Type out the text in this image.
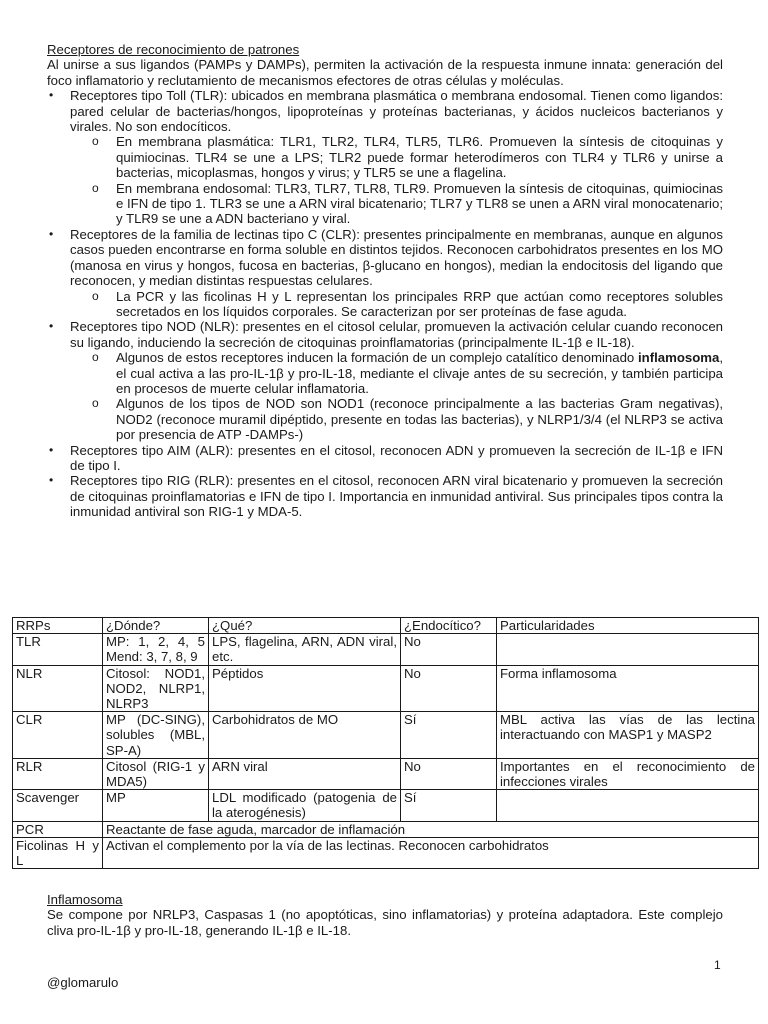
Receptores de reconocimiento de patrones

Al unirse a sus ligandos (PAMPs y DAMPs), permiten la activación de la respuesta inmune innata: generación del foco inflamatorio y reclutamiento de mecanismos efectores de otras células y moléculas.

• Receptores tipo Toll (TLR): ubicados en membrana plasmática o membrana endosomal. Tienen como ligandos: pared celular de bacterias/hongos, lipoproteínas y proteínas bacterianas, y ácidos nucleicos bacterianos y virales. No son endocíticos.
o En membrana plasmática: TLR1, TLR2, TLR4, TLR5, TLR6. Promueven la síntesis de citoquinas y quimiocinas. TLR4 se une a LPS; TLR2 puede formar heterodímeros con TLR4 y TLR6 y unirse a bacterias, micoplasmas, hongos y virus; y TLR5 se une a flagelina.
o En membrana endosomal: TLR3, TLR7, TLR8, TLR9. Promueven la síntesis de citoquinas, quimiocinas e IFN de tipo 1. TLR3 se une a ARN viral bicatenario; TLR7 y TLR8 se unen a ARN viral monocatenario; y TLR9 se une a ADN bacteriano y viral.
• Receptores de la familia de lectinas tipo C (CLR): presentes principalmente en membranas, aunque en algunos casos pueden encontrarse en forma soluble en distintos tejidos. Reconocen carbohidratos presentes en los MO (manosa en virus y hongos, fucosa en bacterias, β-glucano en hongos), median la endocitosis del ligando que reconocen, y median distintas respuestas celulares.
o La PCR y las ficolinas H y L representan los principales RRP que actúan como receptores solubles secretados en los líquidos corporales. Se caracterizan por ser proteínas de fase aguda.
• Receptores tipo NOD (NLR): presentes en el citosol celular, promueven la activación celular cuando reconocen su ligando, induciendo la secreción de citoquinas proinflamatorias (principalmente IL-1β e IL-18).
o Algunos de estos receptores inducen la formación de un complejo catalítico denominado inflamosoma, el cual activa a las pro-IL-1β y pro-IL-18, mediante el clivaje antes de su secreción, y también participa en procesos de muerte celular inflamatoria.
o Algunos de los tipos de NOD son NOD1 (reconoce principalmente a las bacterias Gram negativas), NOD2 (reconoce muramil dipéptido, presente en todas las bacterias), y NLRP1/3/4 (el NLRP3 se activa por presencia de ATP -DAMPs-)
• Receptores tipo AIM (ALR): presentes en el citosol, reconocen ADN y promueven la secreción de IL-1β e IFN de tipo I.
• Receptores tipo RIG (RLR): presentes en el citosol, reconocen ARN viral bicatenario y promueven la secreción de citoquinas proinflamatorias e IFN de tipo I. Importancia en inmunidad antiviral. Sus principales tipos contra la inmunidad antiviral son RIG-1 y MDA-5.
RRPs	¿Dónde?	¿Qué?	¿Endocítico?	Particularidades
TLR	MP: 1, 2, 4, 5 Mend: 3, 7, 8, 9	LPS, flagelina, ARN, ADN viral, etc.	No	
NLR	Citosol: NOD1, NOD2, NLRP1, NLRP3	Péptidos	No	Forma inflamosoma
CLR	MP (DC-SING), solubles (MBL, SP-A)	Carbohidratos de MO	Sí	MBL activa las vías de las lectina interactuando con MASP1 y MASP2
RLR	Citosol (RIG-1 y MDA5)	ARN viral	No	Importantes en el reconocimiento de infecciones virales
Scavenger	MP	LDL modificado (patogenia de la aterogénesis)	Sí	
PCR	Reactante de fase aguda, marcador de inflamación			
Ficolinas H y L	Activan el complemento por la vía de las lectinas. Reconocen carbohidratos			
Inflamosoma

Se compone por NRLP3, Caspasas 1 (no apoptóticas, sino inflamatorias) y proteína adaptadora. Este complejo cliva pro-IL-1β y pro-IL-18, generando IL-1β e IL-18.

1
@glomarulo
